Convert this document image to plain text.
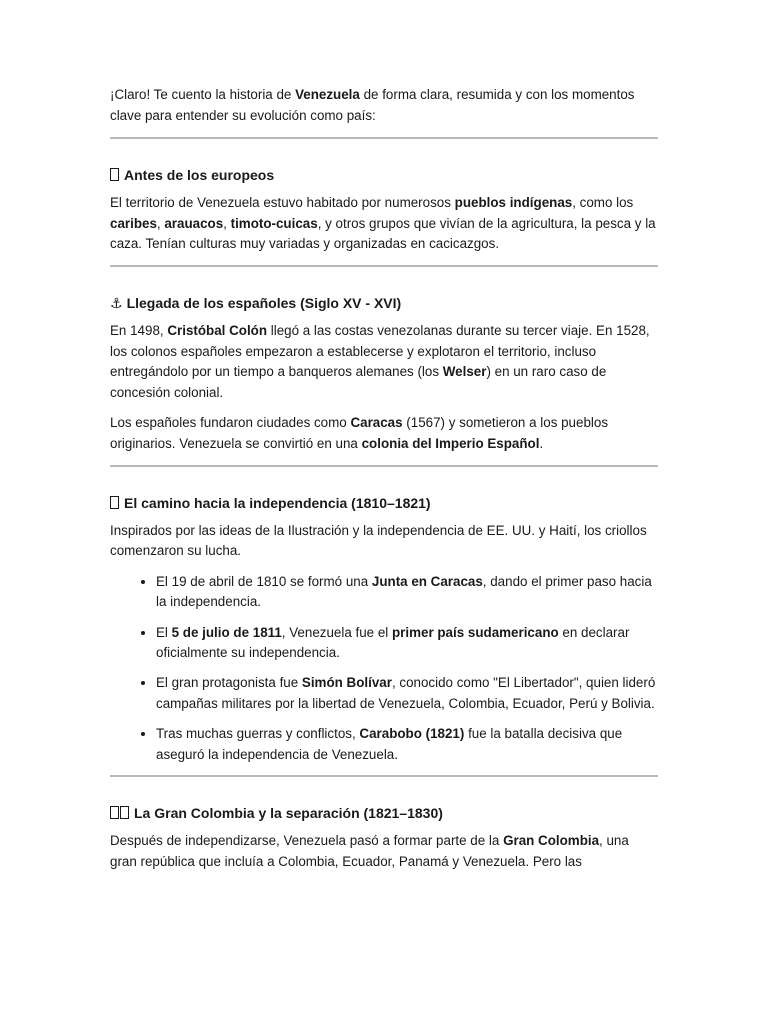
¡Claro! Te cuento la historia de Venezuela de forma clara, resumida y con los momentos clave para entender su evolución como país:

Antes de los europeos

El territorio de Venezuela estuvo habitado por numerosos pueblos indígenas, como los caribes, arauacos, timoto-cuicas, y otros grupos que vivían de la agricultura, la pesca y la caza. Tenían culturas muy variadas y organizadas en cacicazgos.

⚓ Llegada de los españoles (Siglo XV - XVI)

En 1498, Cristóbal Colón llegó a las costas venezolanas durante su tercer viaje. En 1528, los colonos españoles empezaron a establecerse y explotaron el territorio, incluso entregándolo por un tiempo a banqueros alemanes (los Welser) en un raro caso de concesión colonial.

Los españoles fundaron ciudades como Caracas (1567) y sometieron a los pueblos originarios. Venezuela se convirtió en una colonia del Imperio Español.

El camino hacia la independencia (1810–1821)

Inspirados por las ideas de la Ilustración y la independencia de EE. UU. y Haití, los criollos comenzaron su lucha.

• El 19 de abril de 1810 se formó una Junta en Caracas, dando el primer paso hacia la independencia.
• El 5 de julio de 1811, Venezuela fue el primer país sudamericano en declarar oficialmente su independencia.
• El gran protagonista fue Simón Bolívar, conocido como "El Libertador", quien lideró campañas militares por la libertad de Venezuela, Colombia, Ecuador, Perú y Bolivia.
• Tras muchas guerras y conflictos, Carabobo (1821) fue la batalla decisiva que aseguró la independencia de Venezuela.
La Gran Colombia y la separación (1821–1830)

Después de independizarse, Venezuela pasó a formar parte de la Gran Colombia, una gran república que incluía a Colombia, Ecuador, Panamá y Venezuela. Pero las
